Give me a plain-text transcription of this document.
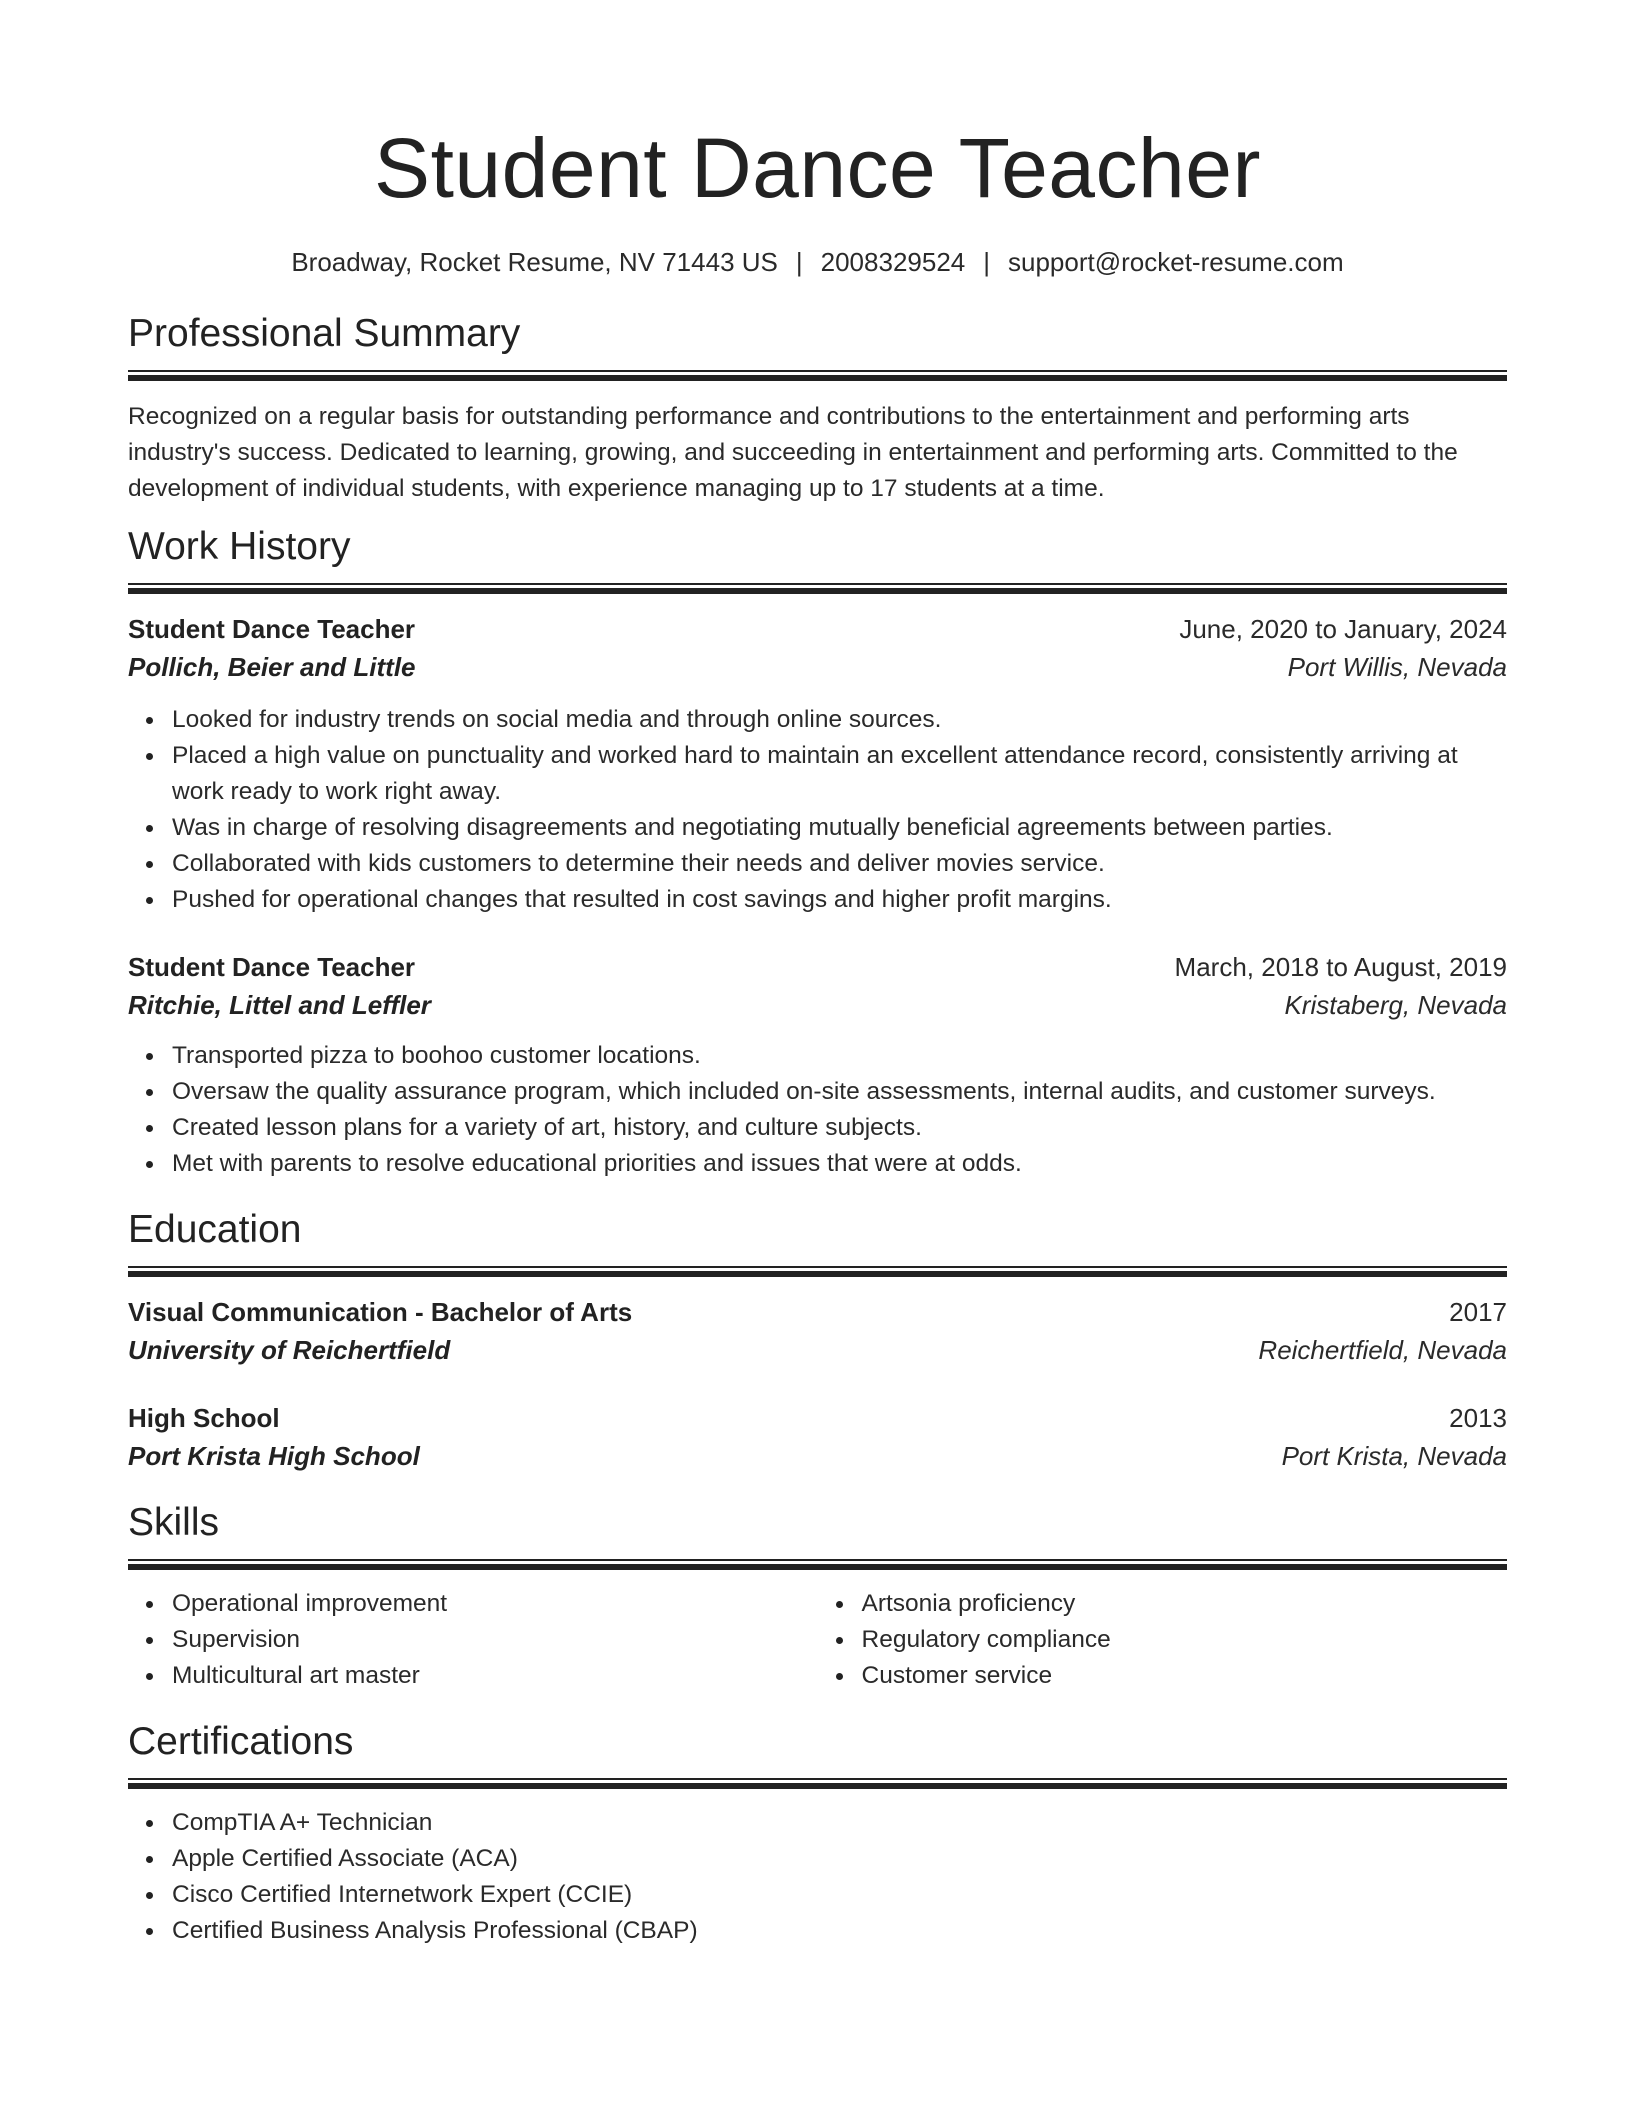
Student Dance Teacher
Broadway, Rocket Resume, NV 71443 US | 2008329524 | support@rocket-resume.com
Professional Summary
Recognized on a regular basis for outstanding performance and contributions to the entertainment and performing arts industry's success. Dedicated to learning, growing, and succeeding in entertainment and performing arts. Committed to the development of individual students, with experience managing up to 17 students at a time.
Work History
Student Dance Teacher	June, 2020 to January, 2024
Pollich, Beier and Little	Port Willis, Nevada
Looked for industry trends on social media and through online sources.
Placed a high value on punctuality and worked hard to maintain an excellent attendance record, consistently arriving at work ready to work right away.
Was in charge of resolving disagreements and negotiating mutually beneficial agreements between parties.
Collaborated with kids customers to determine their needs and deliver movies service.
Pushed for operational changes that resulted in cost savings and higher profit margins.
Student Dance Teacher	March, 2018 to August, 2019
Ritchie, Littel and Leffler	Kristaberg, Nevada
Transported pizza to boohoo customer locations.
Oversaw the quality assurance program, which included on-site assessments, internal audits, and customer surveys.
Created lesson plans for a variety of art, history, and culture subjects.
Met with parents to resolve educational priorities and issues that were at odds.
Education
Visual Communication - Bachelor of Arts	2017
University of Reichertfield	Reichertfield, Nevada
High School	2013
Port Krista High School	Port Krista, Nevada
Skills
Operational improvement
Supervision
Multicultural art master
Artsonia proficiency
Regulatory compliance
Customer service
Certifications
CompTIA A+ Technician
Apple Certified Associate (ACA)
Cisco Certified Internetwork Expert (CCIE)
Certified Business Analysis Professional (CBAP)
